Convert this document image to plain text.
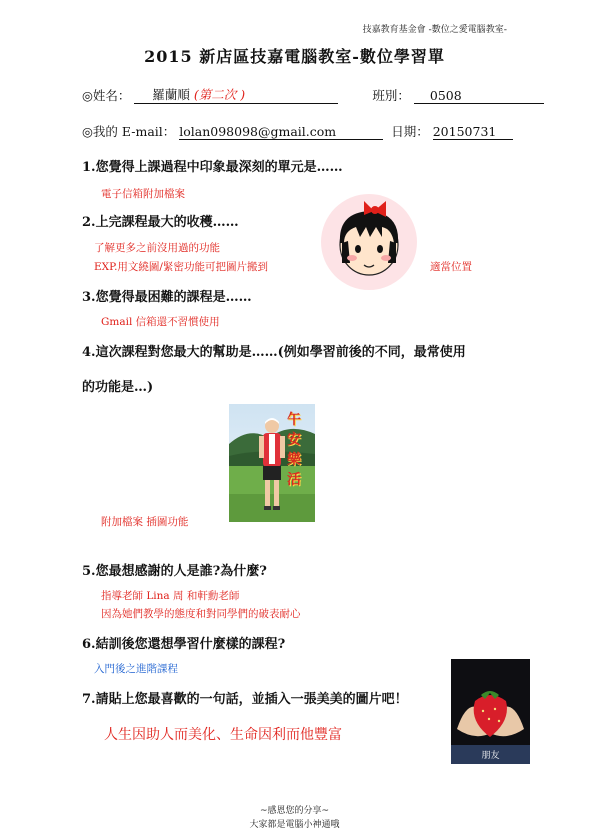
技嘉教育基金會 -數位之愛電腦教室-
2015 新店區技嘉電腦教室-數位學習單
◎姓名： 羅蘭順 (第二次 )	班別： 0508
◎我的 E-mail： lolan098098@gmail.com	日期： 20150731
1.您覺得上課過程中印象最深刻的單元是……
電子信箱附加檔案
2.上完課程最大的收穫……
了解更多之前沒用過的功能
EXP.用文繞圖/緊密功能可把圖片搬到	適當位置
3.您覺得最困難的課程是……
Gmail 信箱還不習慣使用
4.這次課程對您最大的幫助是……(例如學習前後的不同，最常使用
的功能是…)
午安樂活
附加檔案 插圖功能
5.您最想感謝的人是誰?為什麼?
指導老師 Lina 周 和軒勳老師
因為她們教學的態度和對同學們的破表耐心
6.結訓後您還想學習什麼樣的課程?
入門後之進階課程
朋友
7.請貼上您最喜歡的一句話，並插入一張美美的圖片吧！
人生因助人而美化、生命因利而他豐富
~感恩您的分享~
大家都是電腦小神通哦
